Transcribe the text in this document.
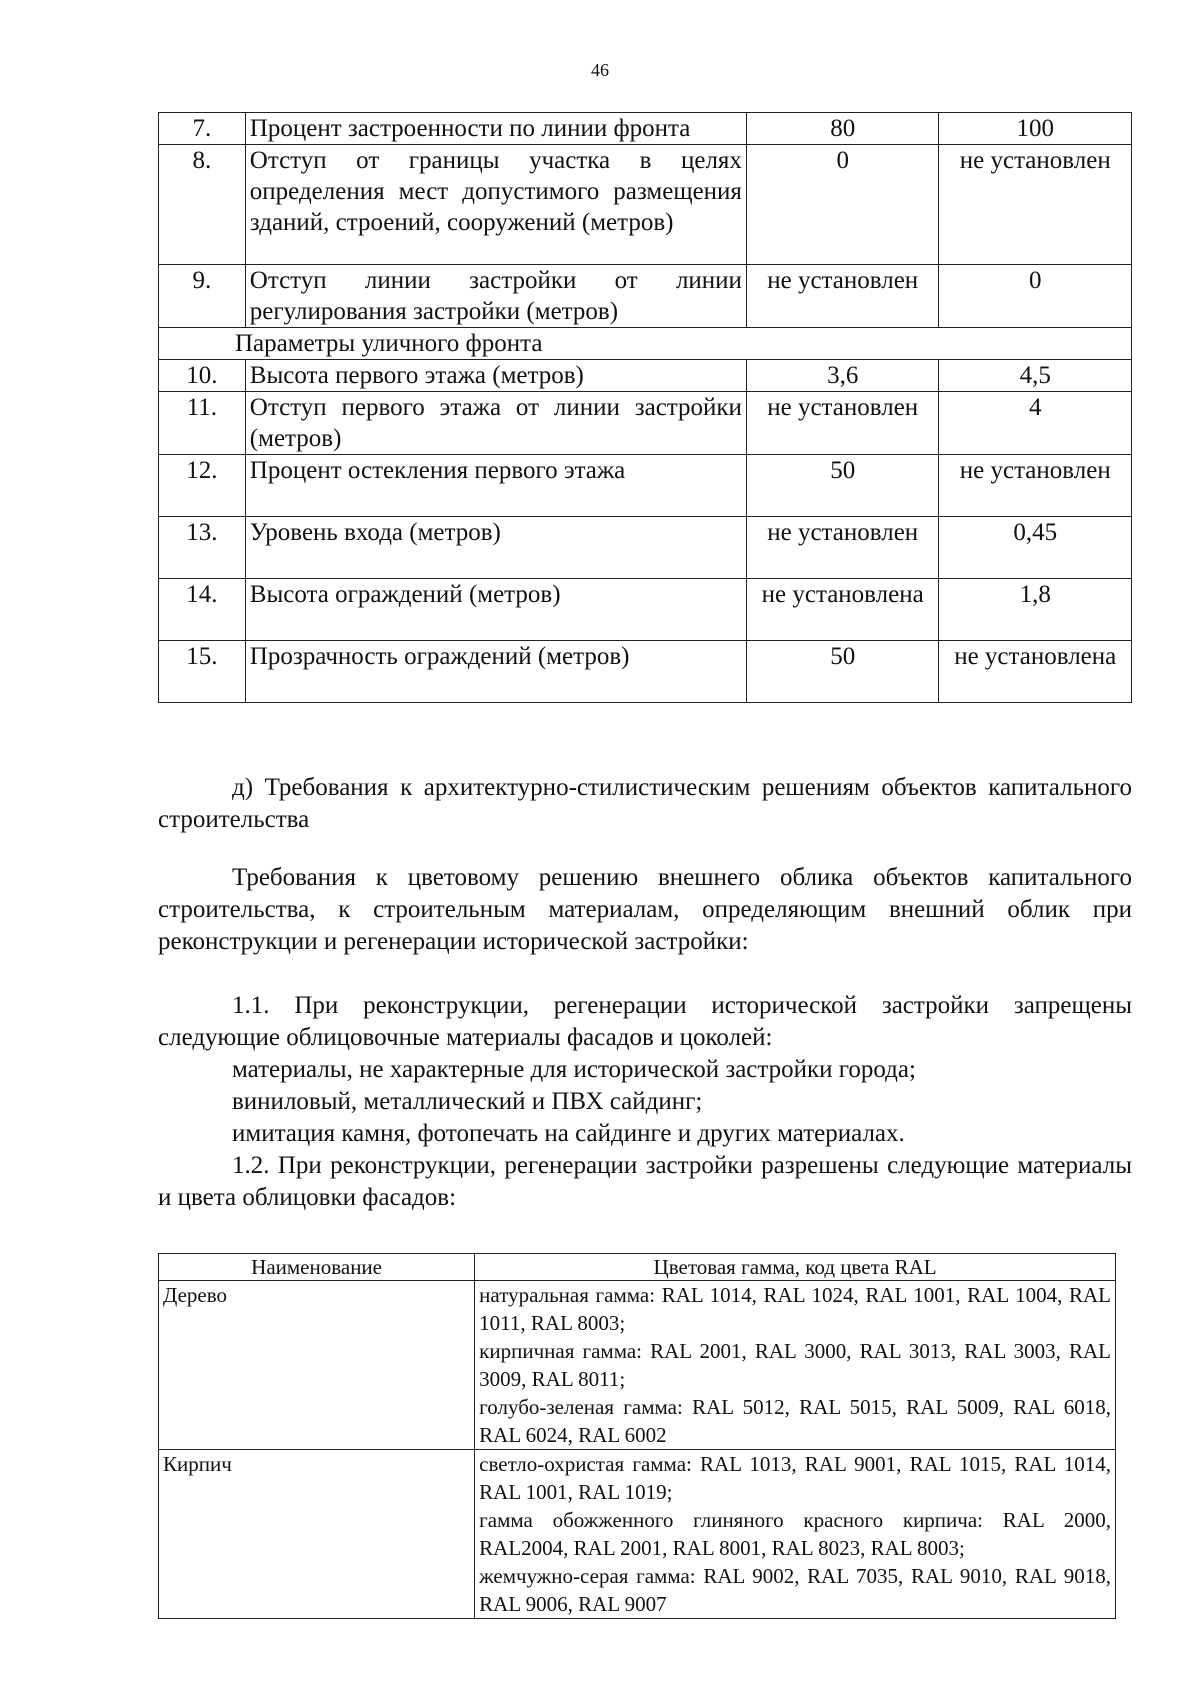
46
7.	Процент застроенности по линии фронта	80	100
8.	Отступ от границы участка в целях определения мест допустимого размещения зданий, строений, сооружений (метров)	0	не установлен
9.	Отступ линии застройки от линии регулирования застройки (метров)	не установлен	0
Параметры уличного фронта			
10.	Высота первого этажа (метров)	3,6	4,5
11.	Отступ первого этажа от линии застройки (метров)	не установлен	4
12.	Процент остекления первого этажа	50	не установлен
13.	Уровень входа (метров)	не установлен	0,45
14.	Высота ограждений (метров)	не установлена	1,8
15.	Прозрачность ограждений (метров)	50	не установлена
д) Требования к архитектурно-стилистическим решениям объектов капитального строительства
Требования к цветовому решению внешнего облика объектов капитального строительства, к строительным материалам, определяющим внешний облик при реконструкции и регенерации исторической застройки:
1.1. При реконструкции, регенерации исторической застройки запрещены следующие облицовочные материалы фасадов и цоколей:
материалы, не характерные для исторической застройки города;
виниловый, металлический и ПВХ сайдинг;
имитация камня, фотопечать на сайдинге и других материалах.
1.2. При реконструкции, регенерации застройки разрешены следующие материалы и цвета облицовки фасадов:
Наименование	Цветовая гамма, код цвета RAL
Дерево	натуральная гамма: RAL 1014, RAL 1024, RAL 1001, RAL 1004, RAL 1011, RAL 8003;
кирпичная гамма: RAL 2001, RAL 3000, RAL 3013, RAL 3003, RAL 3009, RAL 8011;
голубо-зеленая гамма: RAL 5012, RAL 5015, RAL 5009, RAL 6018, RAL 6024, RAL 6002

Кирпич	светло-охристая гамма: RAL 1013, RAL 9001, RAL 1015, RAL 1014, RAL 1001, RAL 1019;
гамма обожженного глиняного красного кирпича: RAL 2000, RAL2004, RAL 2001, RAL 8001, RAL 8023, RAL 8003;
жемчужно-серая гамма: RAL 9002, RAL 7035, RAL 9010, RAL 9018, RAL 9006, RAL 9007
